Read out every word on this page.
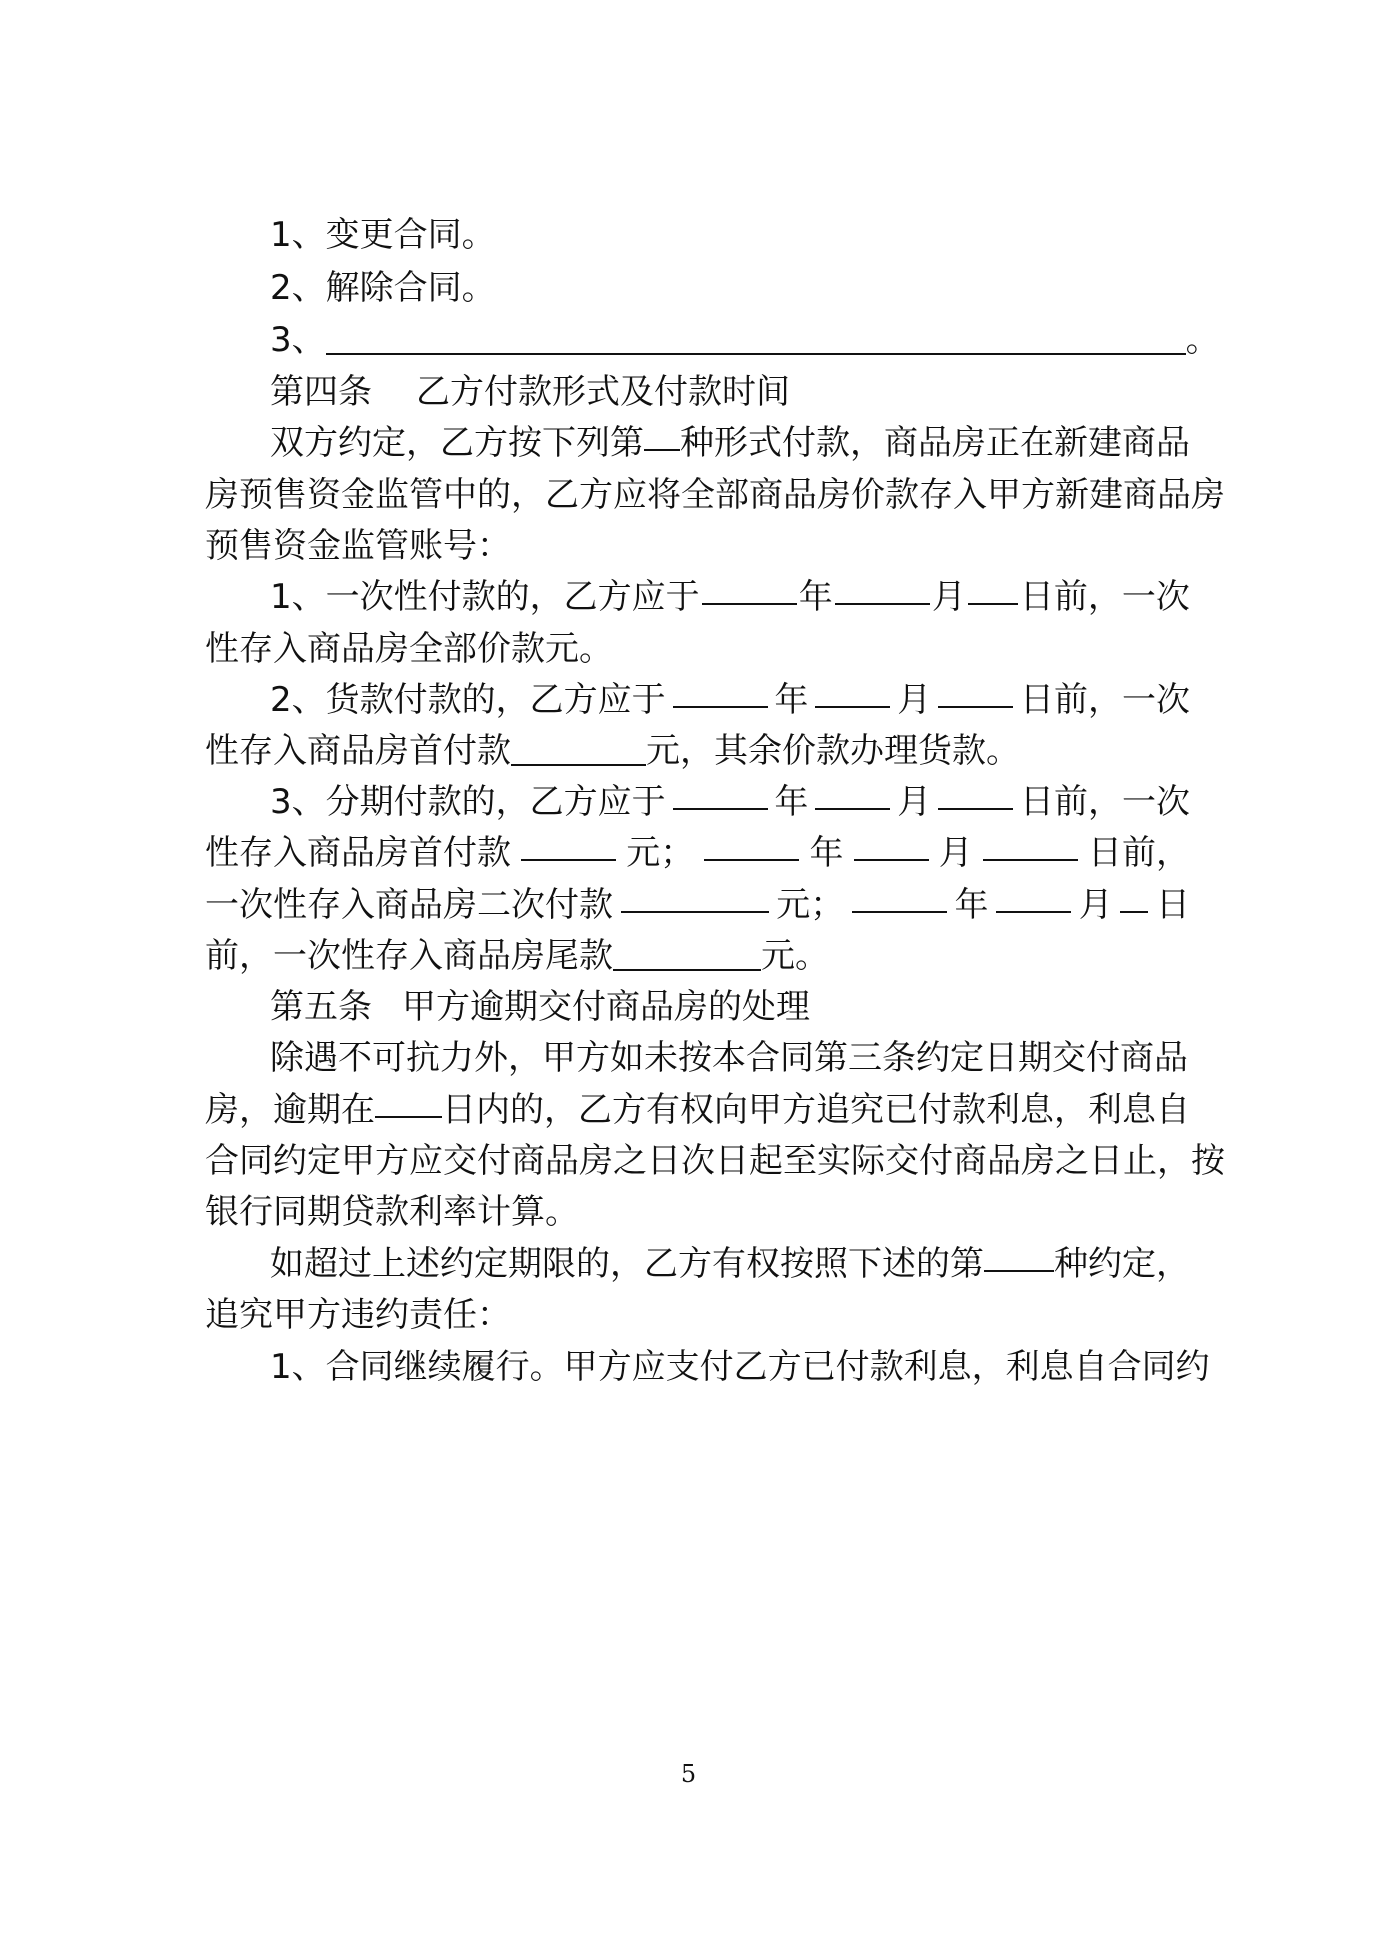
1、变更合同。
2、解除合同。
3、	。
第四条 乙方付款形式及付款时间
双方约定，乙方按下列第 种形式付款，商品房正在新建商品
房预售资金监管中的，乙方应将全部商品房价款存入甲方新建商品房
预售资金监管账号：
1、一次性付款的，乙方应于	年	月 日前，一次
性存入商品房全部价款元。
2、货款付款的，乙方应于	年	月	日前，一次
性存入商品房首付款	元，其余价款办理货款。
3、分期付款的，乙方应于	年	月	日前，一次
性存入商品房首付款	元；	年	月	日前，
一次性存入商品房二次付款	元；	年	月 日
前，一次性存入商品房尾款	元。
第五条 甲方逾期交付商品房的处理
除遇不可抗力外，甲方如未按本合同第三条约定日期交付商品
房，逾期在 日内的，乙方有权向甲方追究已付款利息，利息自
合同约定甲方应交付商品房之日次日起至实际交付商品房之日止，按
银行同期贷款利率计算。
如超过上述约定期限的，乙方有权按照下述的第 种约定，
追究甲方违约责任：
1、合同继续履行。甲方应支付乙方已付款利息，利息自合同约
5
